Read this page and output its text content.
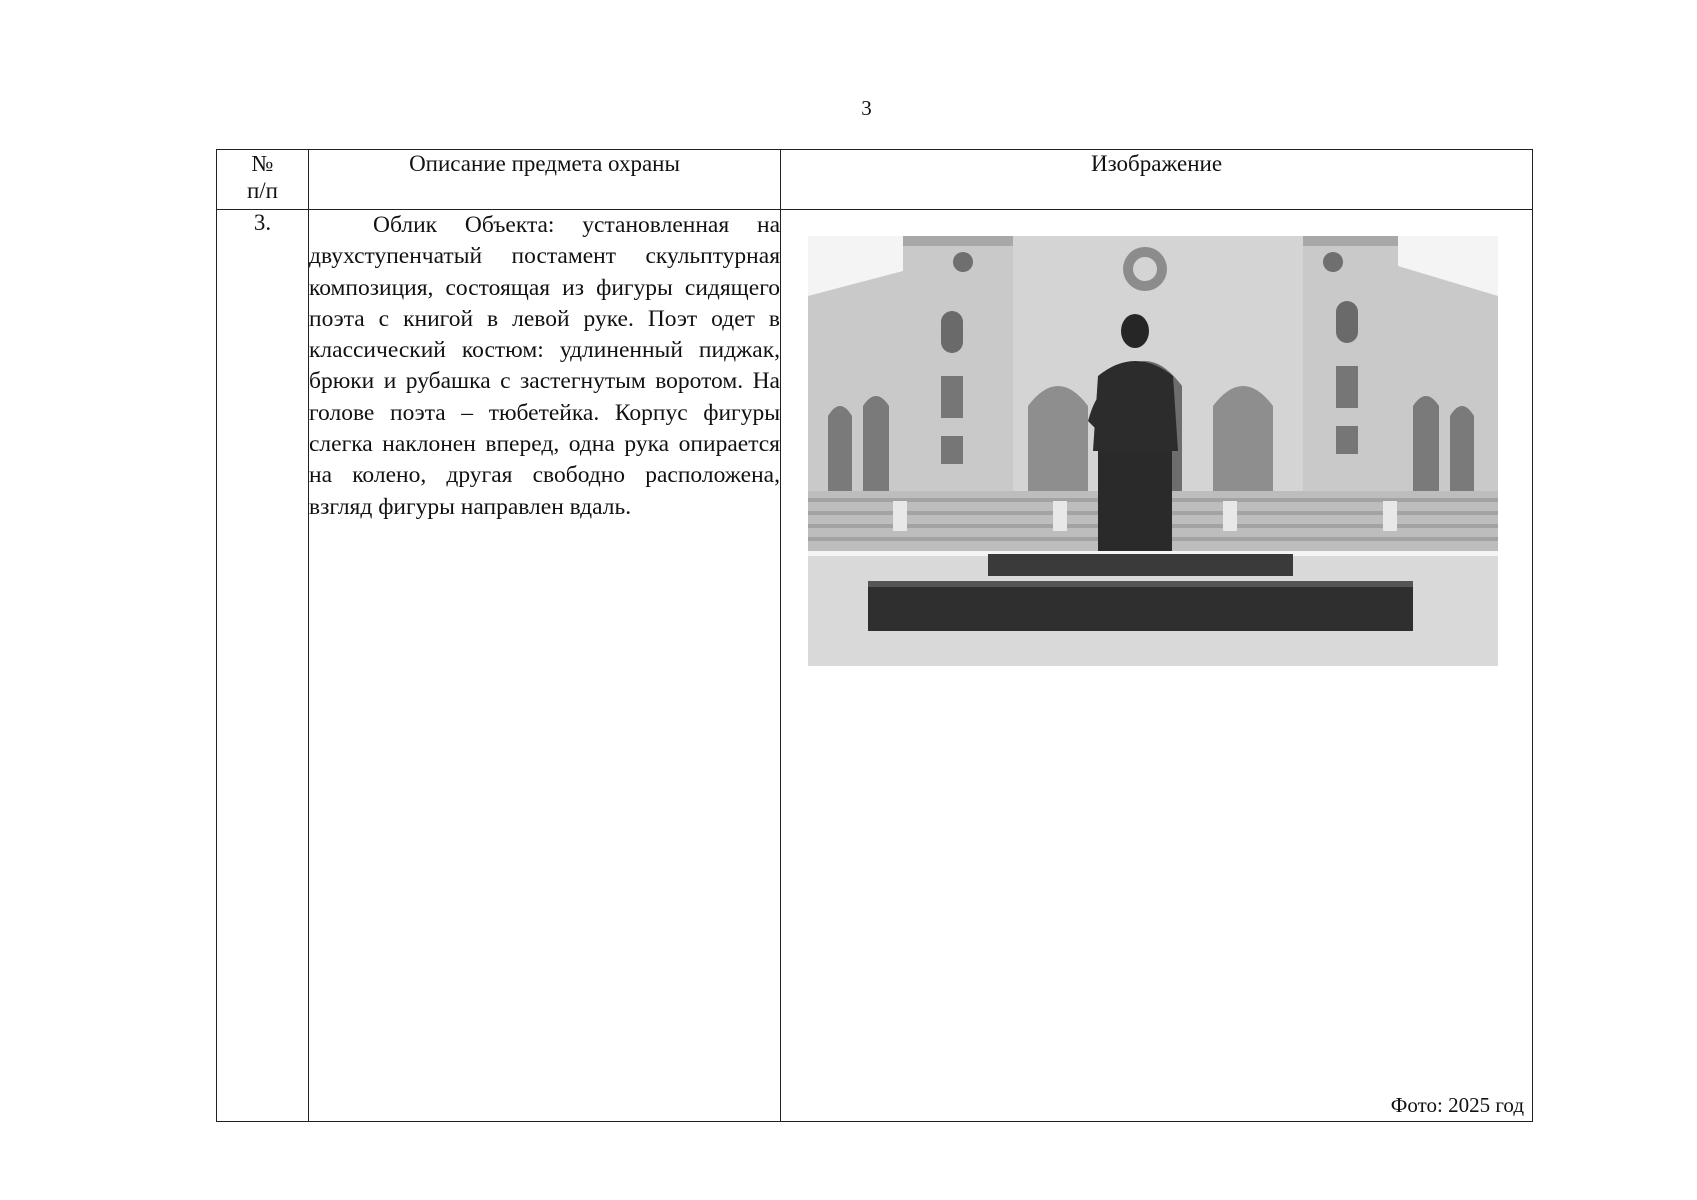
3
№
п/п	Описание предмета охраны	Изображение
3.	Облик Объекта: установленная на двухступенчатый постамент скульптурная композиция, состоящая из фигуры сидящего поэта с книгой в левой руке. Поэт одет в классический костюм: удлиненный пиджак, брюки и рубашка с застегнутым воротом. На голове поэта – тюбетейка. Корпус фигуры слегка наклонен вперед, одна рука опирается на колено, другая свободно расположена, взгляд фигуры направлен вдаль.	Фото: 2025 год
